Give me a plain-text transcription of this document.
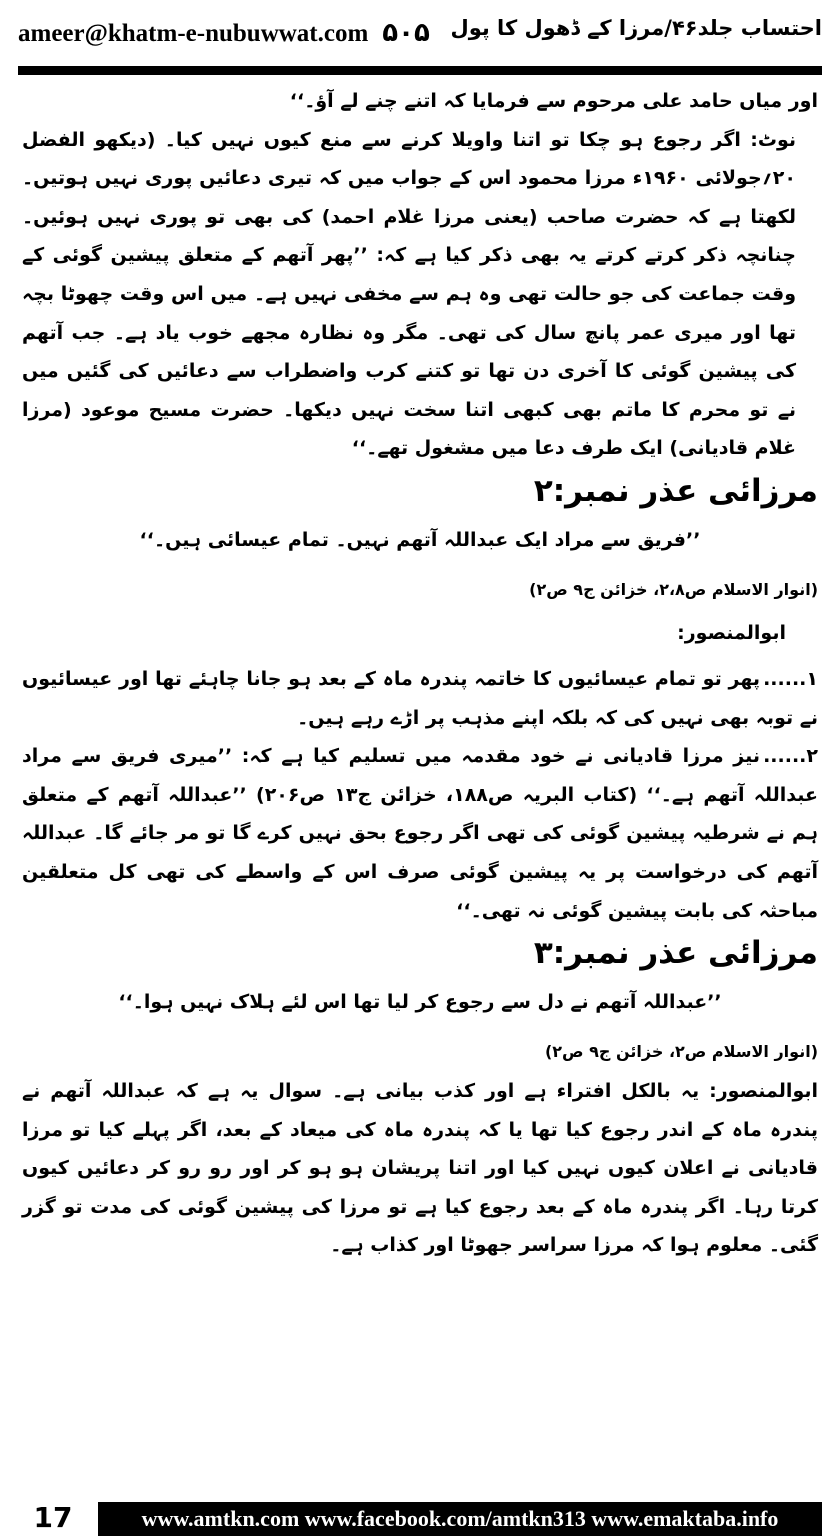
ameer@khatm-e-nubuwwat.com ۵۰۵ احتساب جلد۴۶/مرزا کے ڈھول کا پول

اور میاں حامد علی مرحوم سے فرمایا کہ اتنے چنے لے آؤ۔‘‘

نوٹ: اگر رجوع ہو چکا تو اتنا واویلا کرنے سے منع کیوں نہیں کیا۔ (دیکھو الفضل ۲۰؍جولائی ۱۹۶۰ء مرزا محمود اس کے جواب میں کہ تیری دعائیں پوری نہیں ہوتیں۔ لکھتا ہے کہ حضرت صاحب (یعنی مرزا غلام احمد) کی بھی تو پوری نہیں ہوئیں۔ چنانچہ ذکر کرتے کرتے یہ بھی ذکر کیا ہے کہ: ’’پھر آتھم کے متعلق پیشین گوئی کے وقت جماعت کی جو حالت تھی وہ ہم سے مخفی نہیں ہے۔ میں اس وقت چھوٹا بچہ تھا اور میری عمر پانچ سال کی تھی۔ مگر وہ نظارہ مجھے خوب یاد ہے۔ جب آتھم کی پیشین گوئی کا آخری دن تھا تو کتنے کرب واضطراب سے دعائیں کی گئیں میں نے تو محرم کا ماتم بھی کبھی اتنا سخت نہیں دیکھا۔ حضرت مسیح موعود (مرزا غلام قادیانی) ایک طرف دعا میں مشغول تھے۔‘‘

مرزائی عذر نمبر:۲

’’فریق سے مراد ایک عبداللہ آتھم نہیں۔ تمام عیسائی ہیں۔‘‘

(انوار الاسلام ص۲،۸، خزائن ج۹ ص۲)

ابوالمنصور:

۱......پھر تو تمام عیسائیوں کا خاتمہ پندرہ ماہ کے بعد ہو جانا چاہئے تھا اور عیسائیوں نے توبہ بھی نہیں کی کہ بلکہ اپنے مذہب پر اڑے رہے ہیں۔

۲......نیز مرزا قادیانی نے خود مقدمہ میں تسلیم کیا ہے کہ: ’’میری فریق سے مراد عبداللہ آتھم ہے۔‘‘ (کتاب البریہ ص۱۸۸، خزائن ج۱۳ ص۲۰۶) ’’عبداللہ آتھم کے متعلق ہم نے شرطیہ پیشین گوئی کی تھی اگر رجوع بحق نہیں کرے گا تو مر جائے گا۔ عبداللہ آتھم کی درخواست پر یہ پیشین گوئی صرف اس کے واسطے کی تھی کل متعلقین مباحثہ کی بابت پیشین گوئی نہ تھی۔‘‘

مرزائی عذر نمبر:۳

’’عبداللہ آتھم نے دل سے رجوع کر لیا تھا اس لئے ہلاک نہیں ہوا۔‘‘

(انوار الاسلام ص۲، خزائن ج۹ ص۲)

ابوالمنصور: یہ بالکل افتراء ہے اور کذب بیانی ہے۔ سوال یہ ہے کہ عبداللہ آتھم نے پندرہ ماہ کے اندر رجوع کیا تھا یا کہ پندرہ ماہ کی میعاد کے بعد، اگر پہلے کیا تو مرزا قادیانی نے اعلان کیوں نہیں کیا اور اتنا پریشان ہو ہو کر اور رو رو کر دعائیں کیوں کرتا رہا۔ اگر پندرہ ماہ کے بعد رجوع کیا ہے تو مرزا کی پیشین گوئی کی مدت تو گزر گئی۔ معلوم ہوا کہ مرزا سراسر جھوٹا اور کذاب ہے۔

17	www.amtkn.com www.facebook.com/amtkn313 www.emaktaba.info
